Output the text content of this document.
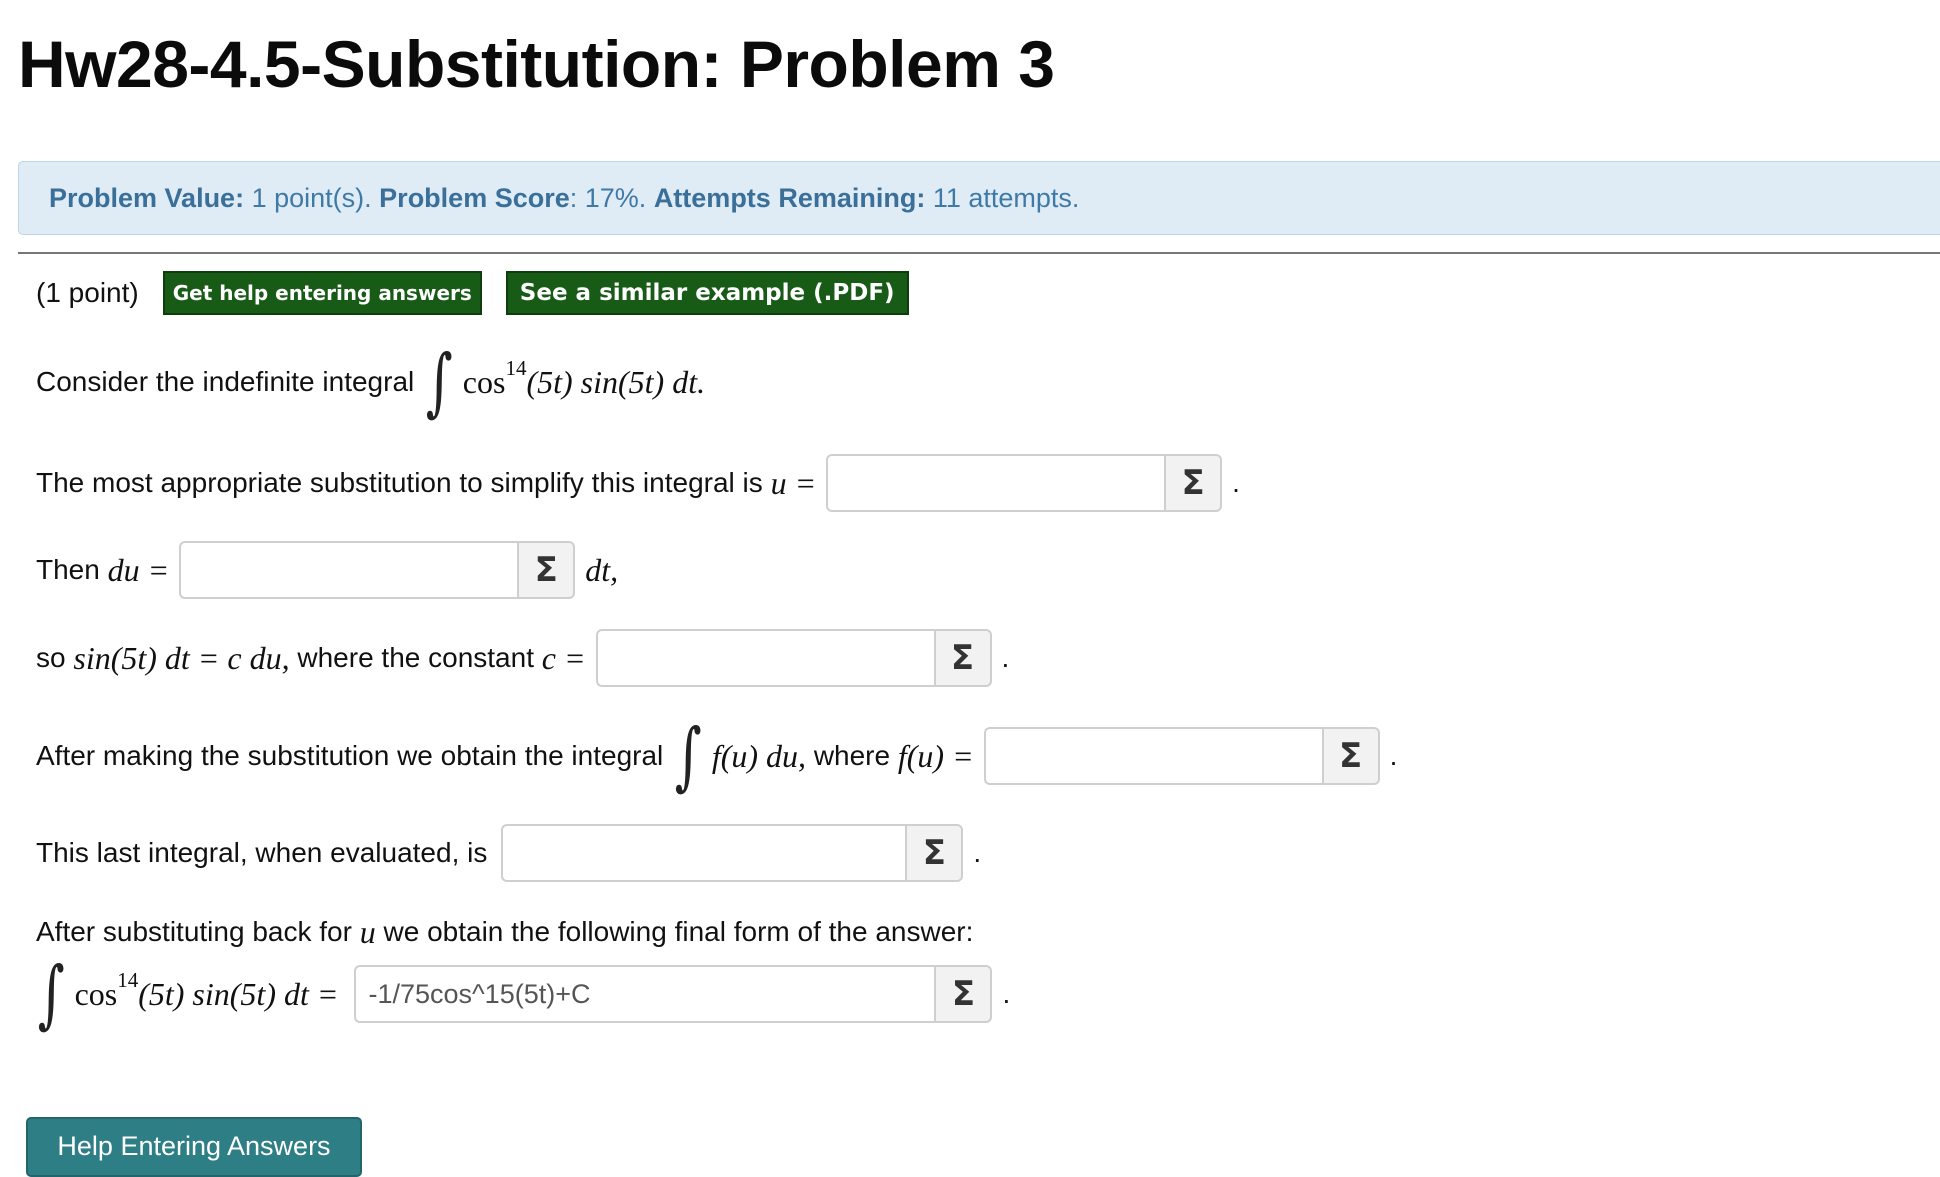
Hw28-4.5-Substitution: Problem 3
Problem Value:
1 point(s).
Problem Score : 17%.
Attempts Remaining:
11 attempts.
(1 point)	Get help entering answers	See a similar example (.PDF)
Consider the indefinite integral ∫ cos 14 (5t) sin(5t) dt.
The most appropriate substitution to simplify this integral is
u =	Σ .
Then
du =	Σ dt,
so
sin(5t) dt = c du,
where the constant
c =	Σ .
After making the substitution we obtain the integral ∫ f(u) du,
where
f(u) =	Σ .
This last integral, when evaluated, is	Σ .
After substituting back for
u
we obtain the following final form of the answer:
∫ cos 14 (5t) sin(5t) dt =
-1/75cos^15(5t)+C	Σ .
Help Entering Answers
